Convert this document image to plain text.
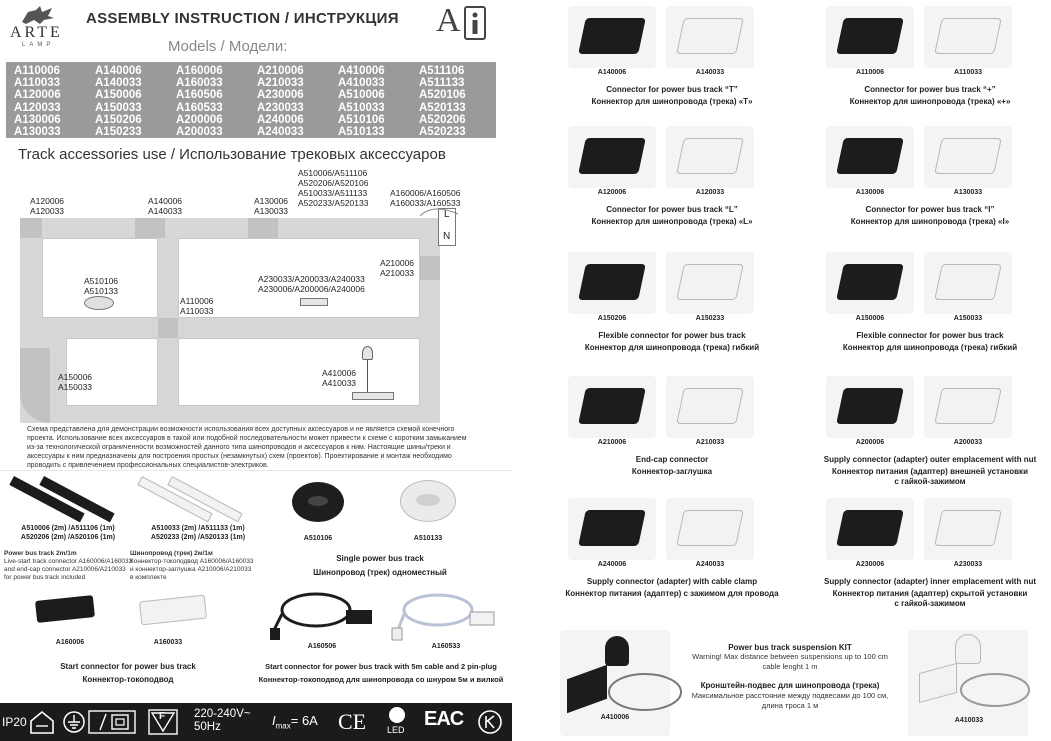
ARTE
LAMP
ASSEMBLY INSTRUCTION / ИНСТРУКЦИЯ A
Models / Модели:
A110006	A140006	A160006	A210006	A410006	A511106
A110033	A140033	A160033	A210033	A410033	A511133
A120006	A150006	A160506	A230006	A510006	A520106
A120033	A150033	A160533	A230033	A510033	A520133
A130006	A150206	A200006	A240006	A510106	A520206
A130033	A150233	A200033	A240033	A510133	A520233
Track accessories use / Использование трековых аксессуаров
L
N
A120006
A120033
A140006
A140033
A130006
A130033
A510006/A511106
A520206/A520106
A510033/A511133
A520233/A520133
A160006/A160506
A160033/A160533
A210006
A210033
A510106
A510133
A230033/A200033/A240033
A230006/A200006/A240006
A110006
A110033
A150006
A150033
A410006
A410033
Схема представлена для демонстрации возможности использования всех доступных аксессуаров и не является схемой конечного проекта. Использование всех аксессуаров в такой или подобной последовательности может привести к схеме с коротким замыканием из-за технологической ограниченности возможностей данного типа шинопроводов и аксессуаров к ним. Настоящие шины/треки и аксессуары к ним предназначены для построения простых (незамкнутых) схем (проектов). Проектирование и монтаж необходимо проводить с привлечением профессиональных специалистов-электриков.
A510006 (2m) /A511106 (1m)
A520206 (2m) /A520106 (1m)
A510033 (2m) /A511133 (1m)
A520233 (2m) /A520133 (1m)
Power bus track 2m/1m
Live-start track connector A160006/A160033
and end-cap connector A210006/A210033
for power bus track included
Шинопровод (трек) 2м/1м
Коннектор-токоподвод A160006/A160033
и коннектор-заглушка A210006/A210033
в комплекте
A510106	A510133
Single power bus track
Шинопровод (трек) одноместный
A160006	A160033
Start connector for power bus track
Коннектор-токоподвод
A160506	A160533
Start connector for power bus track with 5m cable and 2 pin-plug
Коннектор-токоподвод для шинопровода со шнуром 5м и вилкой
IP20	F	220-240V~
50Hz	$I_{max}= 6A$ CE LED EAC
A140006	A140033
Connector for power bus track “T”
Коннектор для шинопровода (трека) «T»
A110006	A110033
Connector for power bus track “+”
Коннектор для шинопровода (трека) «+»
A120006	A120033
Connector for power bus track “L”
Коннектор для шинопровода (трека) «L»
A130006	A130033
Connector for power bus track “I”
Коннектор для шинопровода (трека) «I»
A150206	A150233
Flexible connector for power bus track
Коннектор для шинопровода (трека) гибкий
A150006	A150033
Flexible connector for power bus track
Коннектор для шинопровода (трека) гибкий
A210006	A210033
End-cap connector
Коннектор-заглушка
A200006	A200033
Supply connector (adapter) outer emplacement with nut
Коннектор питания (адаптер) внешней установки
с гайкой-зажимом
A240006	A240033
Supply connector (adapter) with cable clamp
Коннектор питания (адаптер) с зажимом для провода
A230006	A230033
Supply connector (adapter) inner emplacement with nut
Коннектор питания (адаптер) скрытой установки
с гайкой-зажимом
A410006	A410033
Power bus track suspension KIT
Warning! Max distance between suspensions up to 100 cm
cable lenght 1 m
Кронштейн-подвес для шинопровода (трека)
Максимальное расстояние между подвесами до 100 см,
длина троса 1 м
